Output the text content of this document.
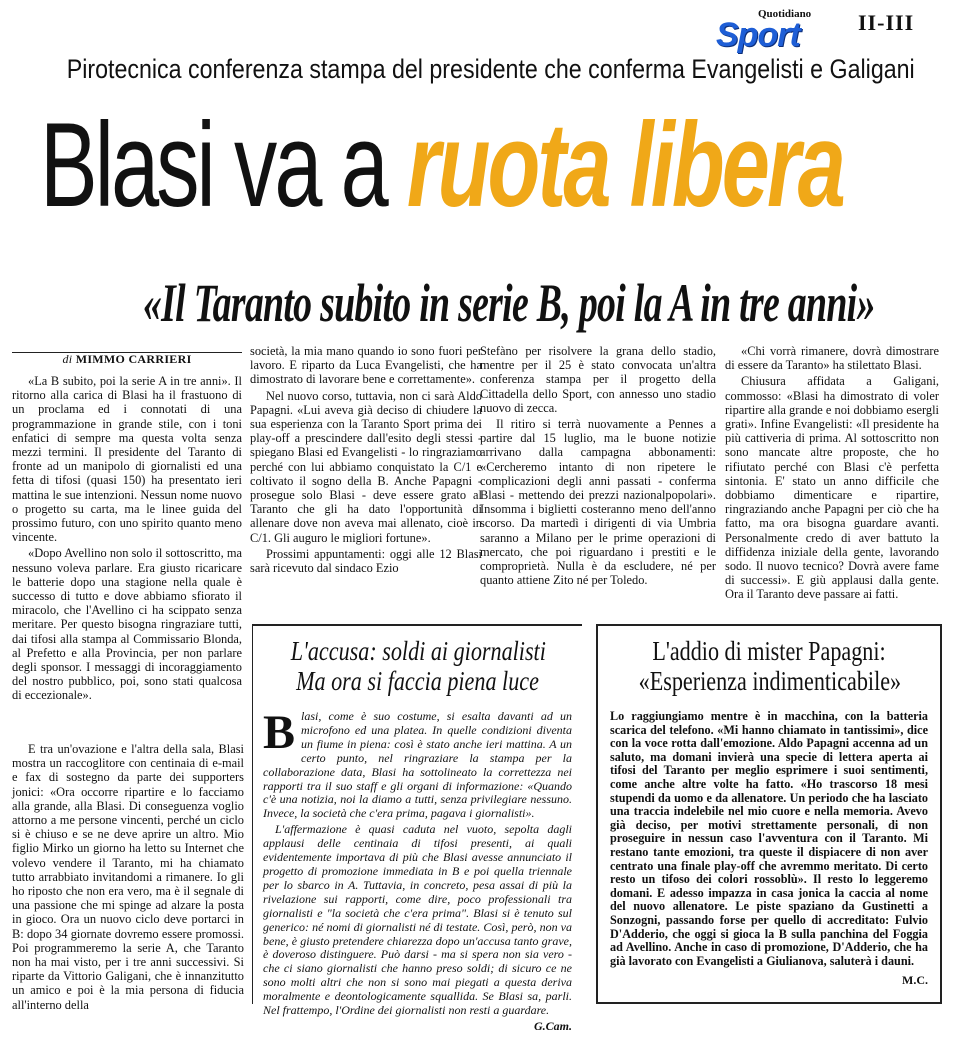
Quotidiano
Sport	II-III
Pirotecnica conferenza stampa del presidente che conferma Evangelisti e Galigani
Blasi va a ruota libera
«Il Taranto subito in serie B, poi la A in tre anni»
di MIMMO CARRIERI

«La B subito, poi la serie A in tre anni». Il ritorno alla carica di Blasi ha il frastuono di un proclama ed i connotati di una programmazione in grande stile, con i toni enfatici di sempre ma questa volta senza mezzi termini. Il presidente del Taranto di fronte ad un manipolo di giornalisti ed una fetta di tifosi (quasi 150) ha presentato ieri mattina le sue intenzioni. Nessun nome nuovo o progetto su carta, ma le linee guida del prossimo futuro, con uno spirito quanto meno vincente.

«Dopo Avellino non solo il sottoscritto, ma nessuno voleva parlare. Era giusto ricaricare le batterie dopo una stagione nella quale è successo di tutto e dove abbiamo sfiorato il miracolo, che l'Avellino ci ha scippato senza meritare. Per questo bisogna ringraziare tutti, dai tifosi alla stampa al Commissario Blonda, al Prefetto e alla Provincia, per non parlare degli sponsor. I messaggi di incoraggiamento del nostro pubblico, poi, sono stati qualcosa di eccezionale».

E tra un'ovazione e l'altra della sala, Blasi mostra un raccoglitore con centinaia di e-mail e fax di sostegno da parte dei supporters jonici: «Ora occorre ripartire e lo facciamo alla grande, alla Blasi. Di conseguenza voglio attorno a me persone vincenti, perché un ciclo si è chiuso e se ne deve aprire un altro. Mio figlio Mirko un giorno ha letto su Internet che volevo vendere il Taranto, mi ha chiamato tutto arrabbiato invitandomi a rimanere. Io gli ho riposto che non era vero, ma è il segnale di una passione che mi spinge ad alzare la posta in gioco. Ora un nuovo ciclo deve portarci in B: dopo 34 giornate dovremo essere promossi. Poi programmeremo la serie A, che Taranto non ha mai visto, per i tre anni successivi. Si riparte da Vittorio Galigani, che è innanzitutto un amico e poi è la mia persona di fiducia all'interno della

società, la mia mano quando io sono fuori per lavoro. E riparto da Luca Evangelisti, che ha dimostrato di lavorare bene e correttamente».

Nel nuovo corso, tuttavia, non ci sarà Aldo Papagni. «Lui aveva già deciso di chiudere la sua esperienza con la Taranto Sport prima dei play-off a prescindere dall'esito degli stessi - spiegano Blasi ed Evangelisti - lo ringraziamo perché con lui abbiamo conquistato la C/1 e coltivato il sogno della B. Anche Papagni - prosegue solo Blasi - deve essere grato al Taranto che gli ha dato l'opportunità di allenare dove non aveva mai allenato, cioè in C/1. Gli auguro le migliori fortune».

Prossimi appuntamenti: oggi alle 12 Blasi sarà ricevuto dal sindaco Ezio

Stefàno per risolvere la grana dello stadio, mentre per il 25 è stato convocata un'altra conferenza stampa per il progetto della Cittadella dello Sport, con annesso uno stadio nuovo di zecca.

Il ritiro si terrà nuovamente a Pennes a partire dal 15 luglio, ma le buone notizie arrivano dalla campagna abbonamenti: «Cercheremo intanto di non ripetere le complicazioni degli anni passati - conferma Blasi - mettendo dei prezzi nazionalpopolari». Insomma i biglietti costeranno meno dell'anno scorso. Da martedì i dirigenti di via Umbria saranno a Milano per le prime operazioni di mercato, che poi riguardano i prestiti e le comproprietà. Nulla è da escludere, né per quanto attiene Zito né per Toledo.

«Chi vorrà rimanere, dovrà dimostrare di essere da Taranto» ha stilettato Blasi.

Chiusura affidata a Galigani, commosso: «Blasi ha dimostrato di voler ripartire alla grande e noi dobbiamo esergli grati». Infine Evangelisti: «Il presidente ha più cattiveria di prima. Al sottoscritto non sono mancate altre proposte, che ho rifiutato perché con Blasi c'è perfetta sintonia. E' stato un anno difficile che dobbiamo dimenticare e ripartire, ringraziando anche Papagni per ciò che ha fatto, ma ora bisogna guardare avanti. Personalmente credo di aver battuto la diffidenza iniziale della gente, lavorando sodo. Il nuovo tecnico? Dovrà avere fame di successi». E giù applausi dalla gente. Ora il Taranto deve passare ai fatti.

L'accusa: soldi ai giornalisti
Ma ora si faccia piena luce

Blasi, come è suo costume, si esalta davanti ad un microfono ed una platea. In quelle condizioni diventa un fiume in piena: così è stato anche ieri mattina. A un certo punto, nel ringraziare la stampa per la collaborazione data, Blasi ha sottolineato la correttezza nei rapporti tra il suo staff e gli organi di informazione: «Quando c'è una notizia, noi la diamo a tutti, senza privilegiare nessuno. Invece, la società che c'era prima, pagava i giornalisti».

L'affermazione è quasi caduta nel vuoto, sepolta dagli applausi delle centinaia di tifosi presenti, ai quali evidentemente importava di più che Blasi avesse annunciato il progetto di promozione immediata in B e poi quella triennale per lo sbarco in A. Tuttavia, in concreto, pesa assai di più la rivelazione sui rapporti, come dire, poco professionali tra giornalisti e "la società che c'era prima". Blasi si è tenuto sul generico: né nomi di giornalisti né di testate. Così, però, non va bene, è giusto pretendere chiarezza dopo un'accusa tanto grave, è doveroso distinguere. Può darsi - ma si spera non sia vero - che ci siano giornalisti che hanno preso soldi; di sicuro ce ne sono molti altri che non si sono mai piegati a questa deriva moralmente e deontologicamente squallida. Se Blasi sa, parli. Nel frattempo, l'Ordine dei giornalisti non resti a guardare.

G.Cam.
L'addio di mister Papagni:
«Esperienza indimenticabile»

Lo raggiungiamo mentre è in macchina, con la batteria scarica del telefono. «Mi hanno chiamato in tantissimi», dice con la voce rotta dall'emozione. Aldo Papagni accenna ad un saluto, ma domani invierà una specie di lettera aperta ai tifosi del Taranto per meglio esprimere i suoi sentimenti, come anche altre volte ha fatto. «Ho trascorso 18 mesi stupendi da uomo e da allenatore. Un periodo che ha lasciato una traccia indelebile nel mio cuore e nella memoria. Avevo già deciso, per motivi strettamente personali, di non proseguire in nessun caso l'avventura con il Taranto. Mi restano tante emozioni, tra queste il dispiacere di non aver centrato una finale play-off che avremmo meritato. Di certo resto un tifoso dei colori rossoblù». Il resto lo leggeremo domani. E adesso impazza in casa jonica la caccia al nome del nuovo allenatore. Le piste spaziano da Gustinetti a Sonzogni, passando forse per quello di accreditato: Fulvio D'Adderio, che oggi si gioca la B sulla panchina del Foggia ad Avellino. Anche in caso di promozione, D'Adderio, che ha già lavorato con Evangelisti a Giulianova, saluterà i dauni.

M.C.
